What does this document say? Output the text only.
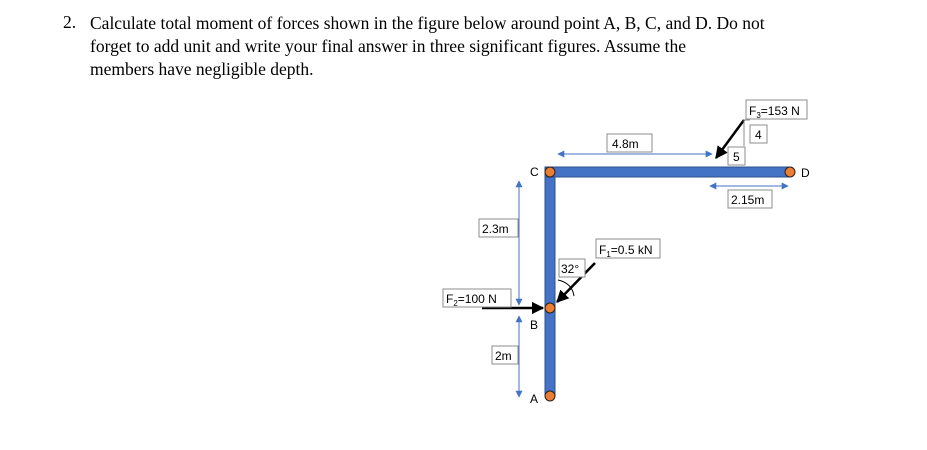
2. Calculate total moment of forces shown in the figure below around point A, B, C, and D. Do not
forget to add unit and write your final answer in three significant figures. Assume the
members have negligible depth.
C	D
B
A
4.8m
2.15m
2.3m
2m
$F_2=100$ N
$F_1=0.5$ kN
32°
$F_3=153$ N
4
5
